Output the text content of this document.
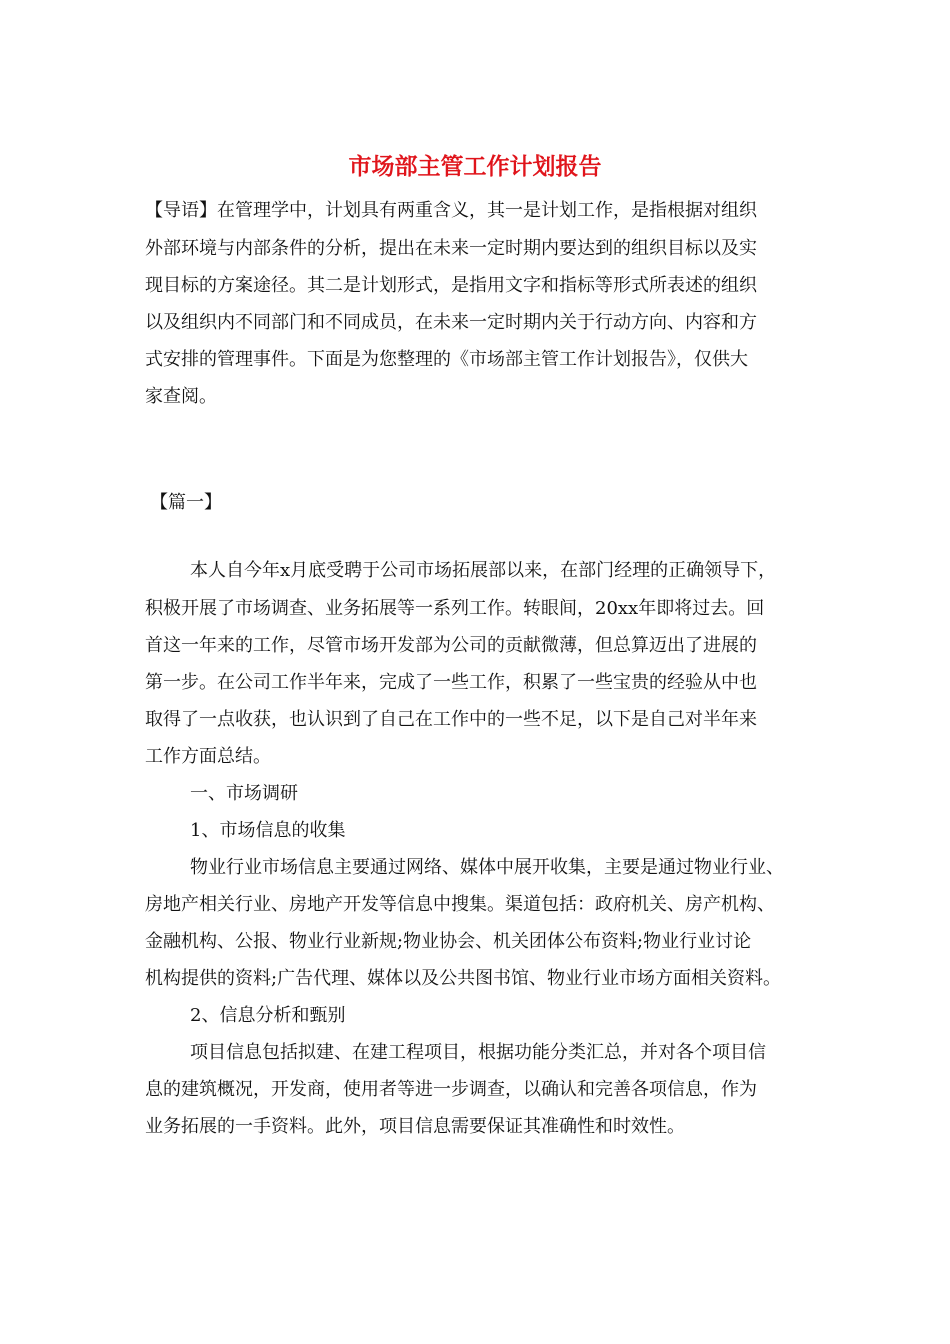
市场部主管工作计划报告

【导语】在管理学中，计划具有两重含义，其一是计划工作，是指根据对组织

外部环境与内部条件的分析，提出在未来一定时期内要达到的组织目标以及实

现目标的方案途径。其二是计划形式，是指用文字和指标等形式所表述的组织

以及组织内不同部门和不同成员，在未来一定时期内关于行动方向、内容和方

式安排的管理事件。下面是为您整理的《市场部主管工作计划报告》，仅供大

家查阅。

【篇一】

本人自今年x月底受聘于公司市场拓展部以来，在部门经理的正确领导下，

积极开展了市场调查、业务拓展等一系列工作。转眼间，20xx年即将过去。回

首这一年来的工作，尽管市场开发部为公司的贡献微薄，但总算迈出了进展的

第一步。在公司工作半年来，完成了一些工作，积累了一些宝贵的经验从中也

取得了一点收获，也认识到了自己在工作中的一些不足，以下是自己对半年来

工作方面总结。

一、市场调研

1、市场信息的收集

物业行业市场信息主要通过网络、媒体中展开收集，主要是通过物业行业、

房地产相关行业、房地产开发等信息中搜集。渠道包括：政府机关、房产机构、

金融机构、公报、物业行业新规;物业协会、机关团体公布资料;物业行业讨论

机构提供的资料;广告代理、媒体以及公共图书馆、物业行业市场方面相关资料。

2、信息分析和甄别

项目信息包括拟建、在建工程项目，根据功能分类汇总，并对各个项目信

息的建筑概况，开发商，使用者等进一步调查，以确认和完善各项信息，作为

业务拓展的一手资料。此外，项目信息需要保证其准确性和时效性。
